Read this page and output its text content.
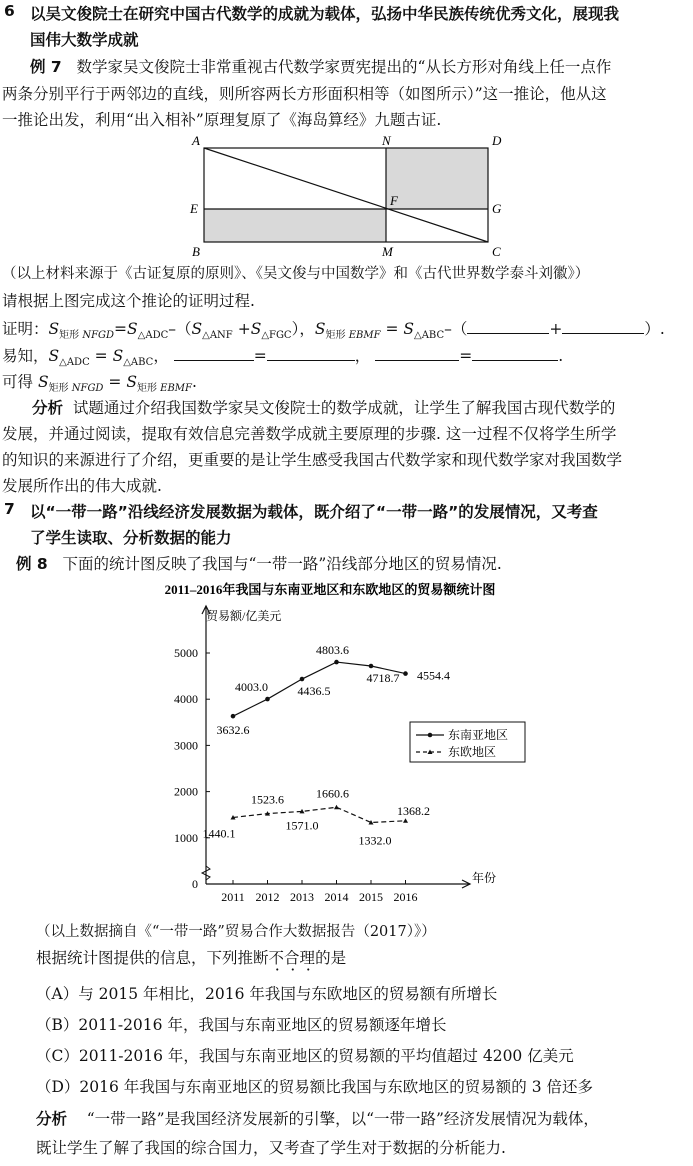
6 以吴文俊院士在研究中国古代数学的成就为载体，弘扬中华民族传统优秀文化，展现我
国伟大数学成就
例 7 数学家吴文俊院士非常重视古代数学家贾宪提出的“从长方形对角线上任一点作
两条分别平行于两邻边的直线，则所容两长方形面积相等（如图所示）”这一推论，他从这
一推论出发，利用“出入相补”原理复原了《海岛算经》九题古证.
A	N	D
E
F
G
B	M	C
（以上材料来源于《古证复原的原则》、《吴文俊与中国数学》和《古代世界数学泰斗刘徽》）
请根据上图完成这个推论的证明过程.
证明：$S_{矩形 NFGD}=S_{\triangle ADC}-(S_{\triangle ANF} +S_{\triangle FGC})$，$S_{矩形 EBMF} = S_{\triangle ABC}-$（	+	）.
易知，$S_{\triangle ADC} = S_{\triangle ABC}$，	=	，	=	.
可得 $S_{矩形 NFGD} = S_{矩形 EBMF}$.
分析 试题通过介绍我国数学家吴文俊院士的数学成就，让学生了解我国古现代数学的
发展，并通过阅读，提取有效信息完善数学成就主要原理的步骤. 这一过程不仅将学生所学
的知识的来源进行了介绍，更重要的是让学生感受我国古代数学家和现代数学家对我国数学
发展所作出的伟大成就.
7 以“一带一路”沿线经济发展数据为载体，既介绍了“一带一路”的发展情况，又考查
了学生读取、分析数据的能力
例 8 下面的统计图反映了我国与“一带一路”沿线部分地区的贸易情况.
2011–2016年我国与东南亚地区和东欧地区的贸易额统计图
贸易额/亿美元
年份
0
1000
2000
3000
4000
5000
2011 2012 2013 2014 2015 2016
3632.6
4003.0 4436.5
4803.6
4718.7 4554.4
1440.1
1523.6
1571.0
1660.6
1332.0
1368.2
东南亚地区
东欧地区
（以上数据摘自《“一带一路”贸易合作大数据报告（2017）》）
根据统计图提供的信息，下列推断不合理的是
（A）与 2015 年相比，2016 年我国与东欧地区的贸易额有所增长
（B）2011-2016 年，我国与东南亚地区的贸易额逐年增长
（C）2011-2016 年，我国与东南亚地区的贸易额的平均值超过 4200 亿美元
（D）2016 年我国与东南亚地区的贸易额比我国与东欧地区的贸易额的 3 倍还多
分析 “一带一路”是我国经济发展新的引擎，以“一带一路”经济发展情况为载体，
既让学生了解了我国的综合国力，又考查了学生对于数据的分析能力.
